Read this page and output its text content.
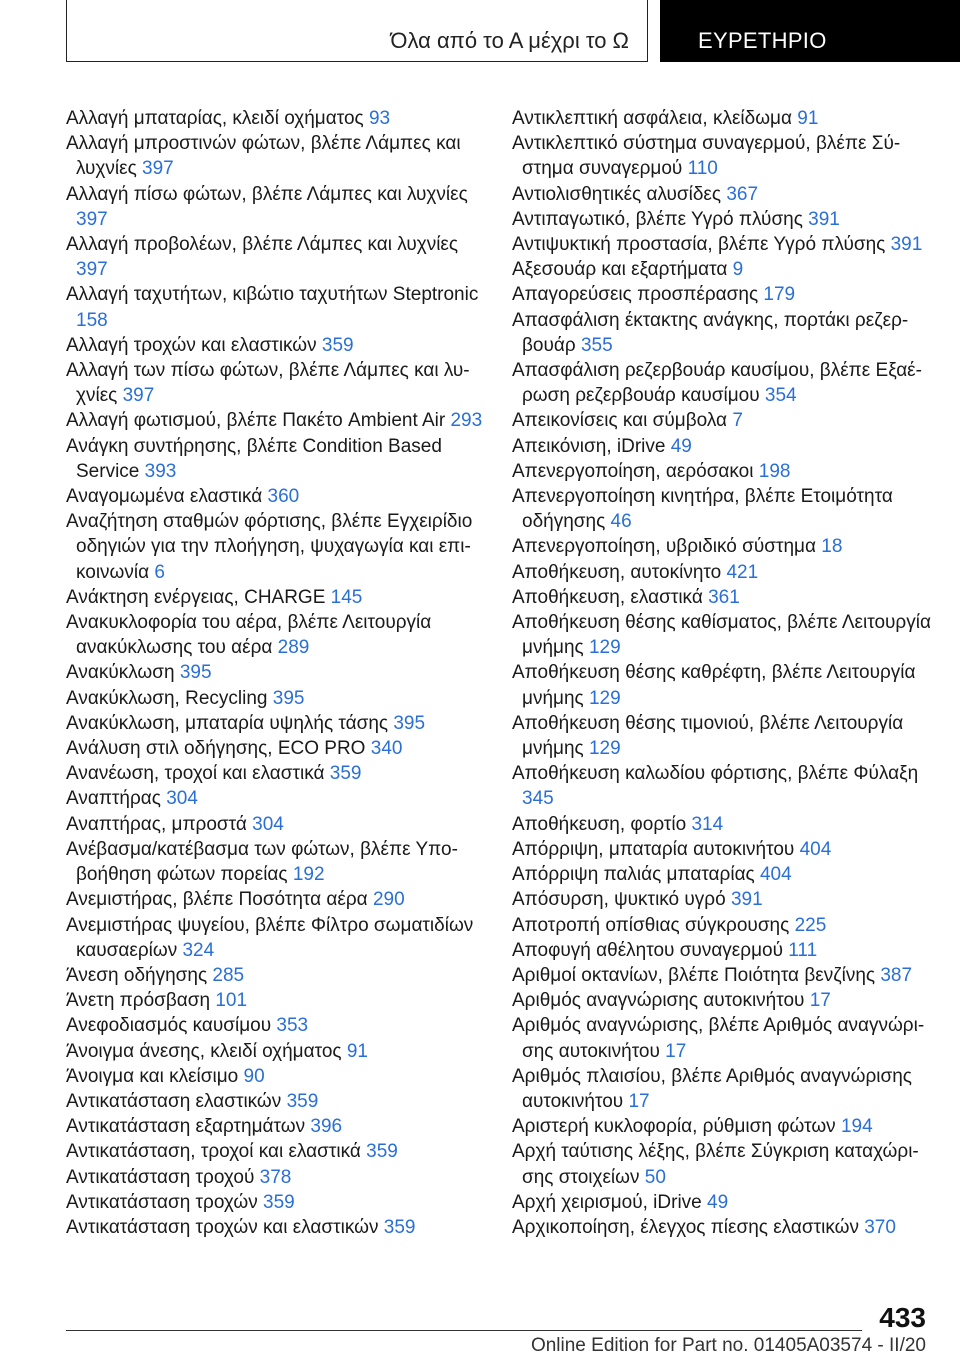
Όλα από το Α μέχρι το Ω	ΕΥΡΕΤΗΡΙΟ

Αλλαγή μπαταρίας, κλειδί οχήματος 93

Αλλαγή μπροστινών φώτων, βλέπε Λάμπες και λυχνίες 397

Αλλαγή πίσω φώτων, βλέπε Λάμπες και λυχνίες 397

Αλλαγή προβολέων, βλέπε Λάμπες και λυχνίες 397

Αλλαγή ταχυτήτων, κιβώτιο ταχυτήτων Steptronic 158

Αλλαγή τροχών και ελαστικών 359

Αλλαγή των πίσω φώτων, βλέπε Λάμπες και λυχνίες 397

Αλλαγή φωτισμού, βλέπε Πακέτο Ambient Air 293

Ανάγκη συντήρησης, βλέπε Condition Based Service 393

Αναγομωμένα ελαστικά 360

Αναζήτηση σταθμών φόρτισης, βλέπε Εγχειρίδιο οδηγιών για την πλοήγηση, ψυχαγωγία και επικοινωνία 6

Ανάκτηση ενέργειας, CHARGE 145

Ανακυκλοφορία του αέρα, βλέπε Λειτουργία ανακύκλωσης του αέρα 289

Ανακύκλωση 395

Ανακύκλωση, Recycling 395

Ανακύκλωση, μπαταρία υψηλής τάσης 395

Ανάλυση στιλ οδήγησης, ECO PRO 340

Ανανέωση, τροχοί και ελαστικά 359

Αναπτήρας 304

Αναπτήρας, μπροστά 304

Ανέβασμα/κατέβασμα των φώτων, βλέπε Υποβοήθηση φώτων πορείας 192

Ανεμιστήρας, βλέπε Ποσότητα αέρα 290

Ανεμιστήρας ψυγείου, βλέπε Φίλτρο σωματιδίων καυσαερίων 324

Άνεση οδήγησης 285

Άνετη πρόσβαση 101

Ανεφοδιασμός καυσίμου 353

Άνοιγμα άνεσης, κλειδί οχήματος 91

Άνοιγμα και κλείσιμο 90

Αντικατάσταση ελαστικών 359

Αντικατάσταση εξαρτημάτων 396

Αντικατάσταση, τροχοί και ελαστικά 359

Αντικατάσταση τροχού 378

Αντικατάσταση τροχών 359

Αντικατάσταση τροχών και ελαστικών 359

Αντικλεπτική ασφάλεια, κλείδωμα 91

Αντικλεπτικό σύστημα συναγερμού, βλέπε Σύστημα συναγερμού 110

Αντιολισθητικές αλυσίδες 367

Αντιπαγωτικό, βλέπε Υγρό πλύσης 391

Αντιψυκτική προστασία, βλέπε Υγρό πλύσης 391

Αξεσουάρ και εξαρτήματα 9

Απαγορεύσεις προσπέρασης 179

Απασφάλιση έκτακτης ανάγκης, πορτάκι ρεζερβουάρ 355

Απασφάλιση ρεζερβουάρ καυσίμου, βλέπε Εξαέρωση ρεζερβουάρ καυσίμου 354

Απεικονίσεις και σύμβολα 7

Απεικόνιση, iDrive 49

Απενεργοποίηση, αερόσακοι 198

Απενεργοποίηση κινητήρα, βλέπε Ετοιμότητα οδήγησης 46

Απενεργοποίηση, υβριδικό σύστημα 18

Αποθήκευση, αυτοκίνητο 421

Αποθήκευση, ελαστικά 361

Αποθήκευση θέσης καθίσματος, βλέπε Λειτουργία μνήμης 129

Αποθήκευση θέσης καθρέφτη, βλέπε Λειτουργία μνήμης 129

Αποθήκευση θέσης τιμονιού, βλέπε Λειτουργία μνήμης 129

Αποθήκευση καλωδίου φόρτισης, βλέπε Φύλαξη 345

Αποθήκευση, φορτίο 314

Απόρριψη, μπαταρία αυτοκινήτου 404

Απόρριψη παλιάς μπαταρίας 404

Απόσυρση, ψυκτικό υγρό 391

Αποτροπή οπίσθιας σύγκρουσης 225

Αποφυγή αθέλητου συναγερμού 111

Αριθμοί οκτανίων, βλέπε Ποιότητα βενζίνης 387

Αριθμός αναγνώρισης αυτοκινήτου 17

Αριθμός αναγνώρισης, βλέπε Αριθμός αναγνώρισης αυτοκινήτου 17

Αριθμός πλαισίου, βλέπε Αριθμός αναγνώρισης αυτοκινήτου 17

Αριστερή κυκλοφορία, ρύθμιση φώτων 194

Αρχή ταύτισης λέξης, βλέπε Σύγκριση καταχώρισης στοιχείων 50

Αρχή χειρισμού, iDrive 49

Αρχικοποίηση, έλεγχος πίεσης ελαστικών 370

433
Online Edition for Part no. 01405A03574 - II/20
